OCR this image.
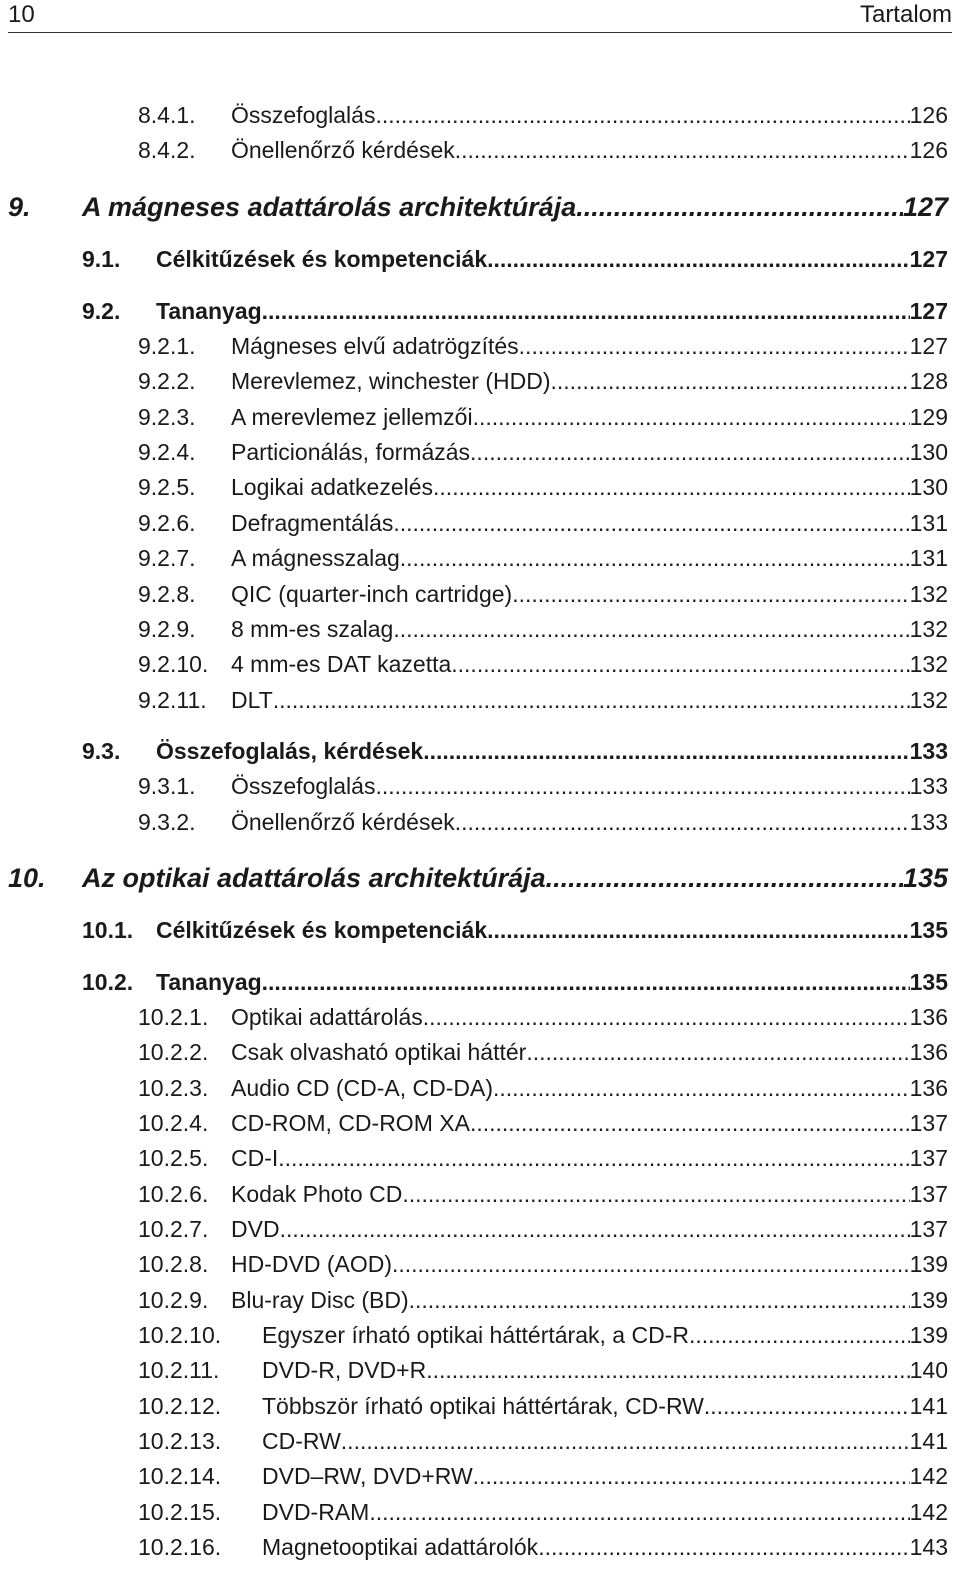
10	Tartalom
8.4.1. Összefoglalás .....	126
8.4.2. Önellenőrző kérdések .....	126
9. A mágneses adattárolás architektúrája .....	127
9.1. Célkitűzések és kompetenciák .....	127
9.2. Tananyag .....	127
9.2.1. Mágneses elvű adatrögzítés .....	127
9.2.2. Merevlemez, winchester (HDD) .....	128
9.2.3. A merevlemez jellemzői .....	129
9.2.4. Particionálás, formázás .....	130
9.2.5. Logikai adatkezelés .....	130
9.2.6. Defragmentálás .....	131
9.2.7. A mágnesszalag .....	131
9.2.8. QIC (quarter-inch cartridge) .....	132
9.2.9. 8 mm-es szalag .....	132
9.2.10. 4 mm-es DAT kazetta .....	132
9.2.11. DLT .....	132
9.3. Összefoglalás, kérdések .....	133
9.3.1. Összefoglalás .....	133
9.3.2. Önellenőrző kérdések .....	133
10. Az optikai adattárolás architektúrája .....	135
10.1. Célkitűzések és kompetenciák .....	135
10.2. Tananyag .....	135
10.2.1. Optikai adattárolás .....	136
10.2.2. Csak olvasható optikai háttér .....	136
10.2.3. Audio CD (CD-A, CD-DA) .....	136
10.2.4. CD-ROM, CD-ROM XA .....	137
10.2.5. CD-I .....	137
10.2.6. Kodak Photo CD .....	137
10.2.7. DVD .....	137
10.2.8. HD-DVD (AOD) .....	139
10.2.9. Blu-ray Disc (BD) .....	139
10.2.10. Egyszer írható optikai háttértárak, a CD-R .....	139
10.2.11. DVD-R, DVD+R .....	140
10.2.12. Többször írható optikai háttértárak, CD-RW .....	141
10.2.13. CD-RW .....	141
10.2.14. DVD–RW, DVD+RW .....	142
10.2.15. DVD-RAM .....	142
10.2.16. Magnetooptikai adattárolók .....	143
